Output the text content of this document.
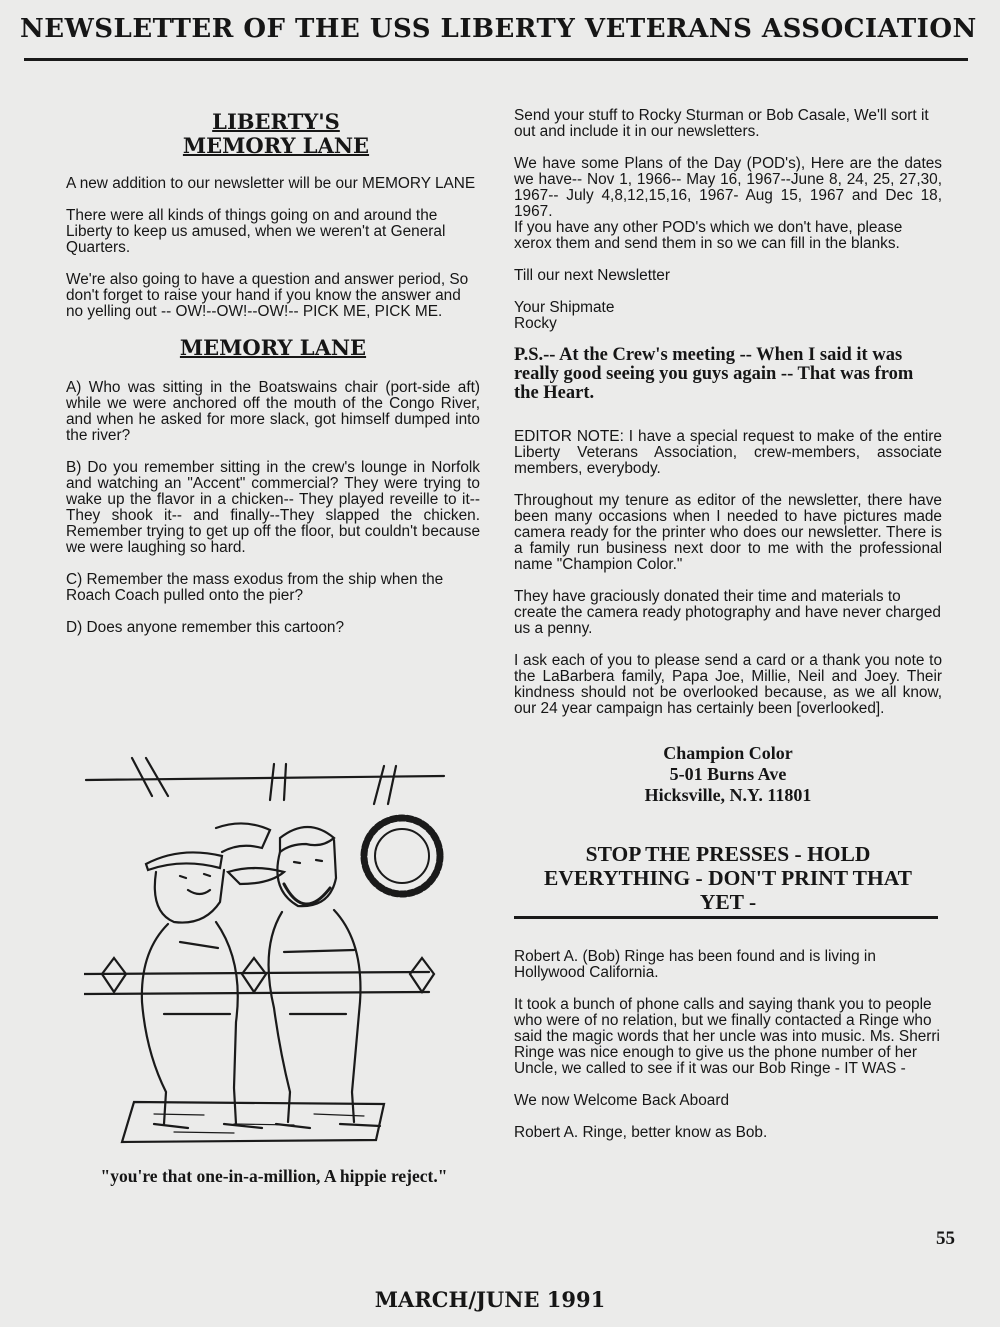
NEWSLETTER OF THE USS LIBERTY VETERANS ASSOCIATION
LIBERTY'S
MEMORY LANE

A new addition to our newsletter will be our MEMORY LANE

There were all kinds of things going on and around the Liberty to keep us amused, when we weren't at General Quarters.

We're also going to have a question and answer period, So don't forget to raise your hand if you know the answer and no yelling out -- OW!--OW!--OW!-- PICK ME, PICK ME.

MEMORY LANE

A) Who was sitting in the Boatswains chair (port-side aft) while we were anchored off the mouth of the Congo River, and when he asked for more slack, got himself dumped into the river?

B) Do you remember sitting in the crew's lounge in Norfolk and watching an "Accent" commercial? They were trying to wake up the flavor in a chicken-- They played reveille to it-- They shook it-- and finally--They slapped the chicken. Remember trying to get up off the floor, but couldn't because we were laughing so hard.

C) Remember the mass exodus from the ship when the Roach Coach pulled onto the pier?

D) Does anyone remember this cartoon?

"you're that one-in-a-million, A hippie reject."

Send your stuff to Rocky Sturman or Bob Casale, We'll sort it out and include it in our newsletters.

We have some Plans of the Day (POD's), Here are the dates we have-- Nov 1, 1966-- May 16, 1967--June 8, 24, 25, 27,30, 1967-- July 4,8,12,15,16, 1967- Aug 15, 1967 and Dec 18, 1967.

If you have any other POD's which we don't have, please xerox them and send them in so we can fill in the blanks.

Till our next Newsletter

Your Shipmate
Rocky

P.S.-- At the Crew's meeting -- When I said it was really good seeing you guys again -- That was from the Heart.

EDITOR NOTE: I have a special request to make of the entire Liberty Veterans Association, crew-members, associate members, everybody.

Throughout my tenure as editor of the newsletter, there have been many occasions when I needed to have pictures made camera ready for the printer who does our newsletter. There is a family run business next door to me with the professional name "Champion Color."

They have graciously donated their time and materials to create the camera ready photography and have never charged us a penny.

I ask each of you to please send a card or a thank you note to the LaBarbera family, Papa Joe, Millie, Neil and Joey. Their kindness should not be overlooked because, as we all know, our 24 year campaign has certainly been [overlooked].

Champion Color
5-01 Burns Ave
Hicksville, N.Y. 11801
STOP THE PRESSES - HOLD EVERYTHING - DON'T PRINT THAT YET -

Robert A. (Bob) Ringe has been found and is living in Hollywood California.

It took a bunch of phone calls and saying thank you to people who were of no relation, but we finally contacted a Ringe who said the magic words that her uncle was into music. Ms. Sherri Ringe was nice enough to give us the phone number of her Uncle, we called to see if it was our Bob Ringe - IT WAS -

We now Welcome Back Aboard

Robert A. Ringe, better know as Bob.

55
MARCH/JUNE 1991
